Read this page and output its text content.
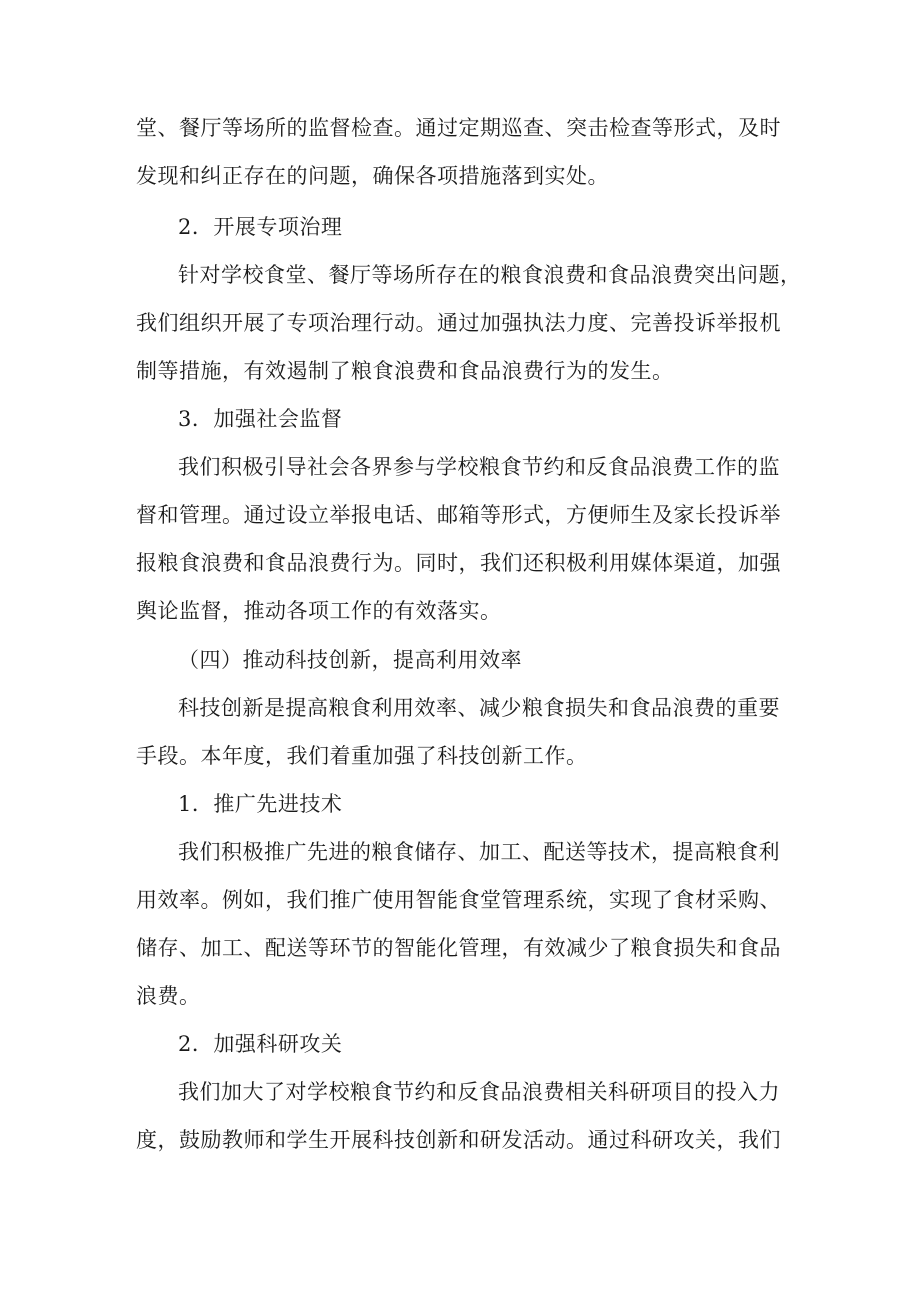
堂、餐厅等场所的监督检查。通过定期巡查、突击检查等形式，及时
发现和纠正存在的问题，确保各项措施落到实处。
2．开展专项治理
针对学校食堂、餐厅等场所存在的粮食浪费和食品浪费突出问题，
我们组织开展了专项治理行动。通过加强执法力度、完善投诉举报机
制等措施，有效遏制了粮食浪费和食品浪费行为的发生。
3．加强社会监督
我们积极引导社会各界参与学校粮食节约和反食品浪费工作的监
督和管理。通过设立举报电话、邮箱等形式，方便师生及家长投诉举
报粮食浪费和食品浪费行为。同时，我们还积极利用媒体渠道，加强
舆论监督，推动各项工作的有效落实。
（四）推动科技创新，提高利用效率
科技创新是提高粮食利用效率、减少粮食损失和食品浪费的重要
手段。本年度，我们着重加强了科技创新工作。
1．推广先进技术
我们积极推广先进的粮食储存、加工、配送等技术，提高粮食利
用效率。例如，我们推广使用智能食堂管理系统，实现了食材采购、
储存、加工、配送等环节的智能化管理，有效减少了粮食损失和食品
浪费。
2．加强科研攻关
我们加大了对学校粮食节约和反食品浪费相关科研项目的投入力
度，鼓励教师和学生开展科技创新和研发活动。通过科研攻关，我们
